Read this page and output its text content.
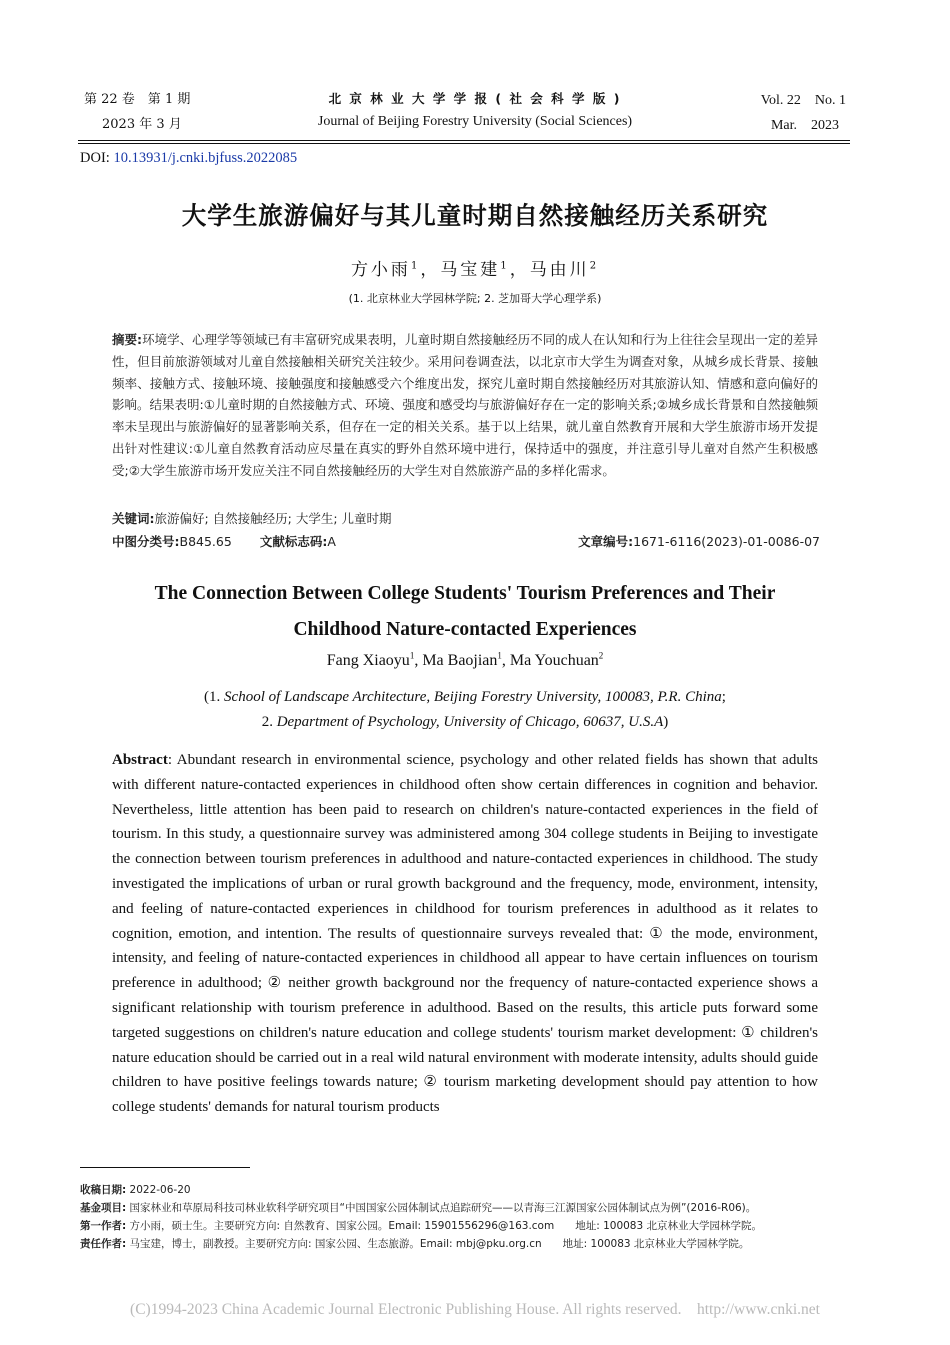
第 22 卷　第 1 期
2023 年 3 月
北 京 林 业 大 学 学 报 ( 社 会 科 学 版 )
Journal of Beijing Forestry University (Social Sciences)
Vol. 22　No. 1
Mar.　2023
DOI: 10.13931/j.cnki.bjfuss.2022085
大学生旅游偏好与其儿童时期自然接触经历关系研究
方小雨$^1$，马宝建$^1$，马由川$^2$
(1. 北京林业大学园林学院; 2. 芝加哥大学心理学系)
摘要:环境学、心理学等领域已有丰富研究成果表明，儿童时期自然接触经历不同的成人在认知和行为上往往会呈现出一定的差异性，但目前旅游领域对儿童自然接触相关研究关注较少。采用问卷调查法，以北京市大学生为调查对象，从城乡成长背景、接触频率、接触方式、接触环境、接触强度和接触感受六个维度出发，探究儿童时期自然接触经历对其旅游认知、情感和意向偏好的影响。结果表明:①儿童时期的自然接触方式、环境、强度和感受均与旅游偏好存在一定的影响关系;②城乡成长背景和自然接触频率未呈现出与旅游偏好的显著影响关系，但存在一定的相关关系。基于以上结果，就儿童自然教育开展和大学生旅游市场开发提出针对性建议:①儿童自然教育活动应尽量在真实的野外自然环境中进行，保持适中的强度，并注意引导儿童对自然产生积极感受;②大学生旅游市场开发应关注不同自然接触经历的大学生对自然旅游产品的多样化需求。
关键词:旅游偏好; 自然接触经历; 大学生; 儿童时期
中图分类号:B845.65 文献标志码:A	文章编号:1671-6116(2023)-01-0086-07
The Connection Between College Students' Tourism Preferences and Their
Childhood Nature-contacted Experiences
Fang Xiaoyu$^1$, Ma Baojian$^1$, Ma Youchuan$^2$
(1. School of Landscape Architecture, Beijing Forestry University, 100083, P.R. China;
2. Department of Psychology, University of Chicago, 60637, U.S.A)
Abstract: Abundant research in environmental science, psychology and other related fields has shown that adults with different nature-contacted experiences in childhood often show certain differences in cognition and behavior. Nevertheless, little attention has been paid to research on children's nature-contacted experiences in the field of tourism. In this study, a questionnaire survey was administered among 304 college students in Beijing to investigate the connection between tourism preferences in adulthood and nature-contacted experiences in childhood. The study investigated the implications of urban or rural growth background and the frequency, mode, environment, intensity, and feeling of nature-contacted experiences in childhood for tourism preferences in adulthood as it relates to cognition, emotion, and intention. The results of questionnaire surveys revealed that: ① the mode, environment, intensity, and feeling of nature-contacted experiences in childhood all appear to have certain influences on tourism preference in adulthood; ② neither growth background nor the frequency of nature-contacted experience shows a significant relationship with tourism preference in adulthood. Based on the results, this article puts forward some targeted suggestions on children's nature education and college students' tourism market development: ① children's nature education should be carried out in a real wild natural environment with moderate intensity, adults should guide children to have positive feelings towards nature; ② tourism marketing development should pay attention to how college students' demands for natural tourism products
收稿日期: 2022-06-20
基金项目: 国家林业和草原局科技司林业软科学研究项目“中国国家公园体制试点追踪研究——以青海三江源国家公园体制试点为例”(2016-R06)。
第一作者: 方小雨，硕士生。主要研究方向: 自然教育、国家公园。Email: 15901556296@163.com　　地址: 100083 北京林业大学园林学院。
责任作者: 马宝建，博士，副教授。主要研究方向: 国家公园、生态旅游。Email: mbj@pku.org.cn　　地址: 100083 北京林业大学园林学院。
(C)1994-2023 China Academic Journal Electronic Publishing House. All rights reserved.　http://www.cnki.net
